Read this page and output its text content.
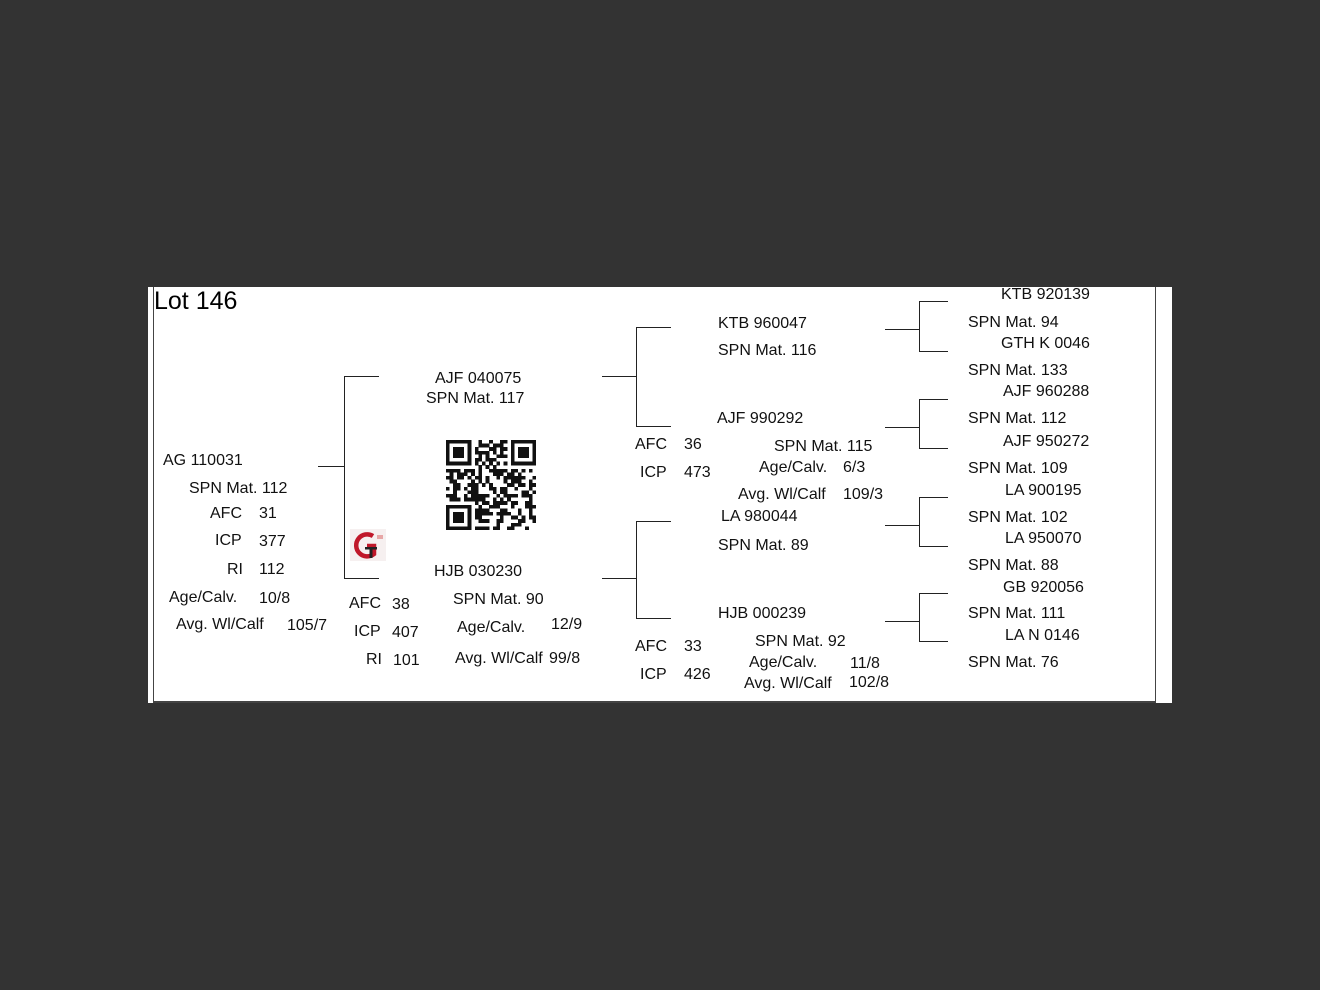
Lot 146
AG 110031
SPN Mat. 112
AFC 31
ICP 377
RI 112
Age/Calv. 10/8
Avg. Wl/Calf 105/7
AJF 040075
SPN Mat. 117
HJB 030230
AFC 38	SPN Mat. 90
ICP 407 Age/Calv. 12/9
RI 101 Avg. Wl/Calf 99/8
KTB 960047
SPN Mat. 116
AJF 990292
AFC 36	SPN Mat. 115
ICP 473	Age/Calv. 6/3
Avg. Wl/Calf 109/3
LA 980044
SPN Mat. 89
HJB 000239
AFC 33	SPN Mat. 92
ICP 426
Age/Calv. 11/8
Avg. Wl/Calf 102/8
KTB 920139
SPN Mat. 94
GTH K 0046
SPN Mat. 133
AJF 960288
SPN Mat. 112
AJF 950272
SPN Mat. 109
LA 900195
SPN Mat. 102
LA 950070
SPN Mat. 88
GB 920056
SPN Mat. 111
LA N 0146
SPN Mat. 76
